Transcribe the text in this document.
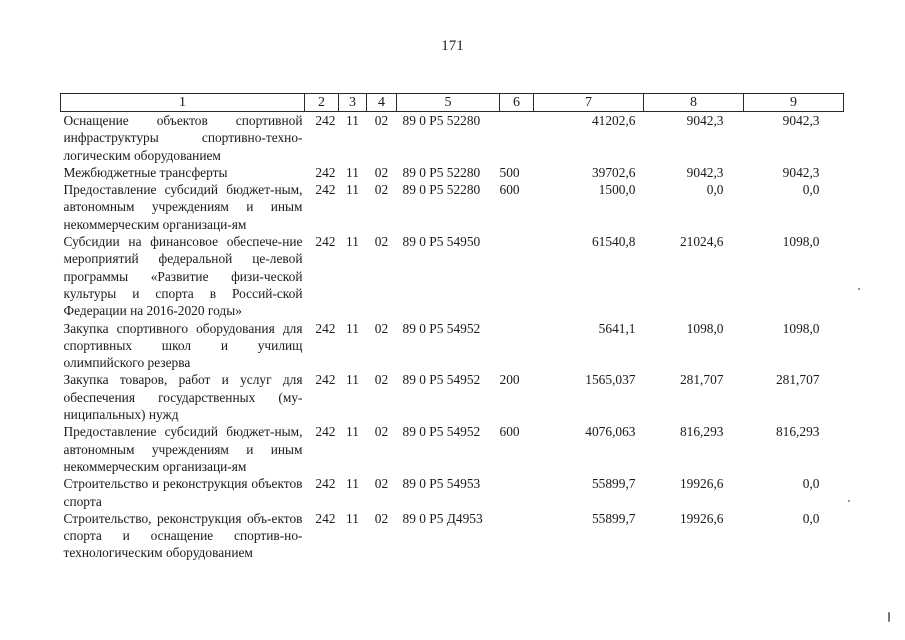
171
1	2	3	4	5	6	7	8	9
Оснащение объектов спортивной инфраструктуры спортивно-техно-логическим оборудованием	242	11	02	89 0 Р5 52280		41202,6	9042,3	9042,3
Межбюджетные трансферты	242	11	02	89 0 Р5 52280	500	39702,6	9042,3	9042,3
Предоставление субсидий бюджет-ным, автономным учреждениям и иным некоммерческим организаци-ям	242	11	02	89 0 Р5 52280	600	1500,0	0,0	0,0
Субсидии на финансовое обеспече-ние мероприятий федеральной це-левой программы «Развитие физи-ческой культуры и спорта в Россий-ской Федерации на 2016-2020 годы»	242	11	02	89 0 Р5 54950		61540,8	21024,6	1098,0
Закупка спортивного оборудования для спортивных школ и училищ олимпийского резерва	242	11	02	89 0 Р5 54952		5641,1	1098,0	1098,0
Закупка товаров, работ и услуг для обеспечения государственных (му-ниципальных) нужд	242	11	02	89 0 Р5 54952	200	1565,037	281,707	281,707
Предоставление субсидий бюджет-ным, автономным учреждениям и иным некоммерческим организаци-ям	242	11	02	89 0 Р5 54952	600	4076,063	816,293	816,293
Строительство и реконструкция объектов спорта	242	11	02	89 0 Р5 54953		55899,7	19926,6	0,0
Строительство, реконструкция объ-ектов спорта и оснащение спортив-но-технологическим оборудованием	242	11	02	89 0 Р5 Д4953		55899,7	19926,6	0,0
